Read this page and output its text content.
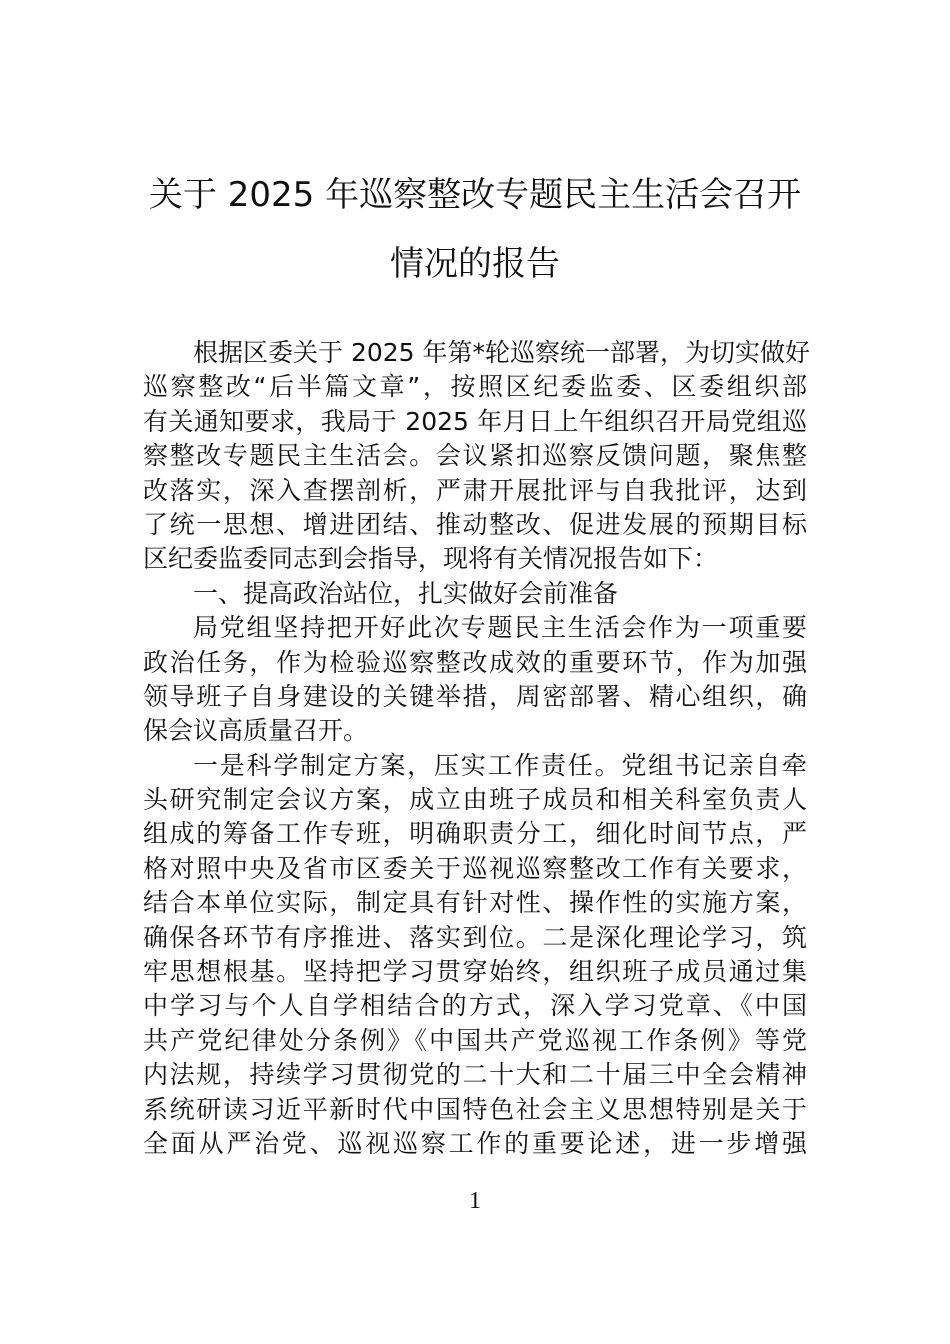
关于 2025 年巡察整改专题民主生活会召开
情况的报告
根据区委关于 2025 年第*轮巡察统一部署，为切实做好
巡察整改“后半篇文章”，按照区纪委监委、区委组织部
有关通知要求，我局于 2025 年月日上午组织召开局党组巡
察整改专题民主生活会。会议紧扣巡察反馈问题，聚焦整
改落实，深入查摆剖析，严肃开展批评与自我批评，达到
了统一思想、增进团结、推动整改、促进发展的预期目标
区纪委监委同志到会指导，现将有关情况报告如下：
一、提高政治站位，扎实做好会前准备
局党组坚持把开好此次专题民主生活会作为一项重要
政治任务，作为检验巡察整改成效的重要环节，作为加强
领导班子自身建设的关键举措，周密部署、精心组织，确
保会议高质量召开。
一是科学制定方案，压实工作责任。党组书记亲自牵
头研究制定会议方案，成立由班子成员和相关科室负责人
组成的筹备工作专班，明确职责分工，细化时间节点，严
格对照中央及省市区委关于巡视巡察整改工作有关要求，
结合本单位实际，制定具有针对性、操作性的实施方案，
确保各环节有序推进、落实到位。二是深化理论学习，筑
牢思想根基。坚持把学习贯穿始终，组织班子成员通过集
中学习与个人自学相结合的方式，深入学习党章、《中国
共产党纪律处分条例》《中国共产党巡视工作条例》等党
内法规，持续学习贯彻党的二十大和二十届三中全会精神
系统研读习近平新时代中国特色社会主义思想特别是关于
全面从严治党、巡视巡察工作的重要论述，进一步增强
1
